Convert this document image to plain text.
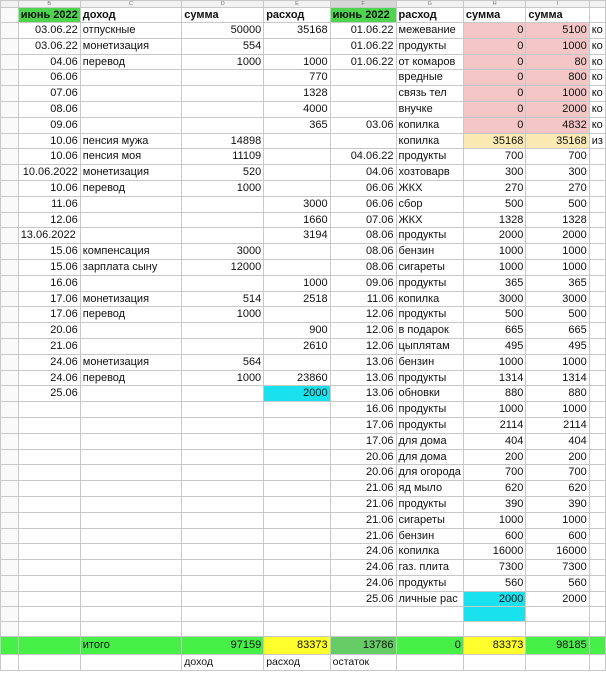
	B	C	D	E	F	G	H	I	
	июнь 2022	доход	сумма	расход	июнь 2022	расход	сумма	сумма	
	03.06.22	отпускные	50000	35168	01.06.22	межевание	0	5100	ко
	03.06.22	монетизация	554		01.06.22	продукты	0	1000	ко
	04.06	перевод	1000	1000	01.06.22	от комаров	0	80	ко
	06.06			770		вредные	0	800	ко
	07.06			1328		связь тел	0	1000	ко
	08.06			4000		внучке	0	2000	ко
	09.06			365	03.06	копилка	0	4832	ко
	10.06	пенсия мужа	14898			копилка	35168	35168	из
	10.06	пенсия моя	11109		04.06.22	продукты	700	700	
	10.06.2022	монетизация	520		04.06	хозтоварв	300	300	
	10.06	перевод	1000		06.06	ЖКХ	270	270	
	11.06			3000	06.06	сбор	500	500	
	12.06			1660	07.06	ЖКХ	1328	1328	
	13.06.2022			3194	08.06	продукты	2000	2000	
	15.06	компенсация	3000		08.06	бензин	1000	1000	
	15.06	зарплата сыну	12000		08.06	сигареты	1000	1000	
	16.06			1000	09.06	продукты	365	365	
	17.06	монетизация	514	2518	11.06	копилка	3000	3000	
	17.06	перевод	1000		12.06	продукты	500	500	
	20.06			900	12.06	в подарок	665	665	
	21.06			2610	12.06	цыплятам	495	495	
	24.06	монетизация	564		13.06	бензин	1000	1000	
	24.06	перевод	1000	23860	13.06	продукты	1314	1314	
	25.06			2000	13.06	обновки	880	880	
					16.06	продукты	1000	1000	
					17.06	продукты	2114	2114	
					17.06	для дома	404	404	
					20.06	для дома	200	200	
					20.06	для огорода	700	700	
					21.06	яд мыло	620	620	
					21.06	продукты	390	390	
					21.06	сигареты	1000	1000	
					21.06	бензин	600	600	
					24.06	копилка	16000	16000	
					24.06	газ. плита	7300	7300	
					24.06	продукты	560	560	
					25.06	личные рас	2000	2000	

		итого	97159	83373	13786	0	83373	98185	
			доход	расход	остаток				
